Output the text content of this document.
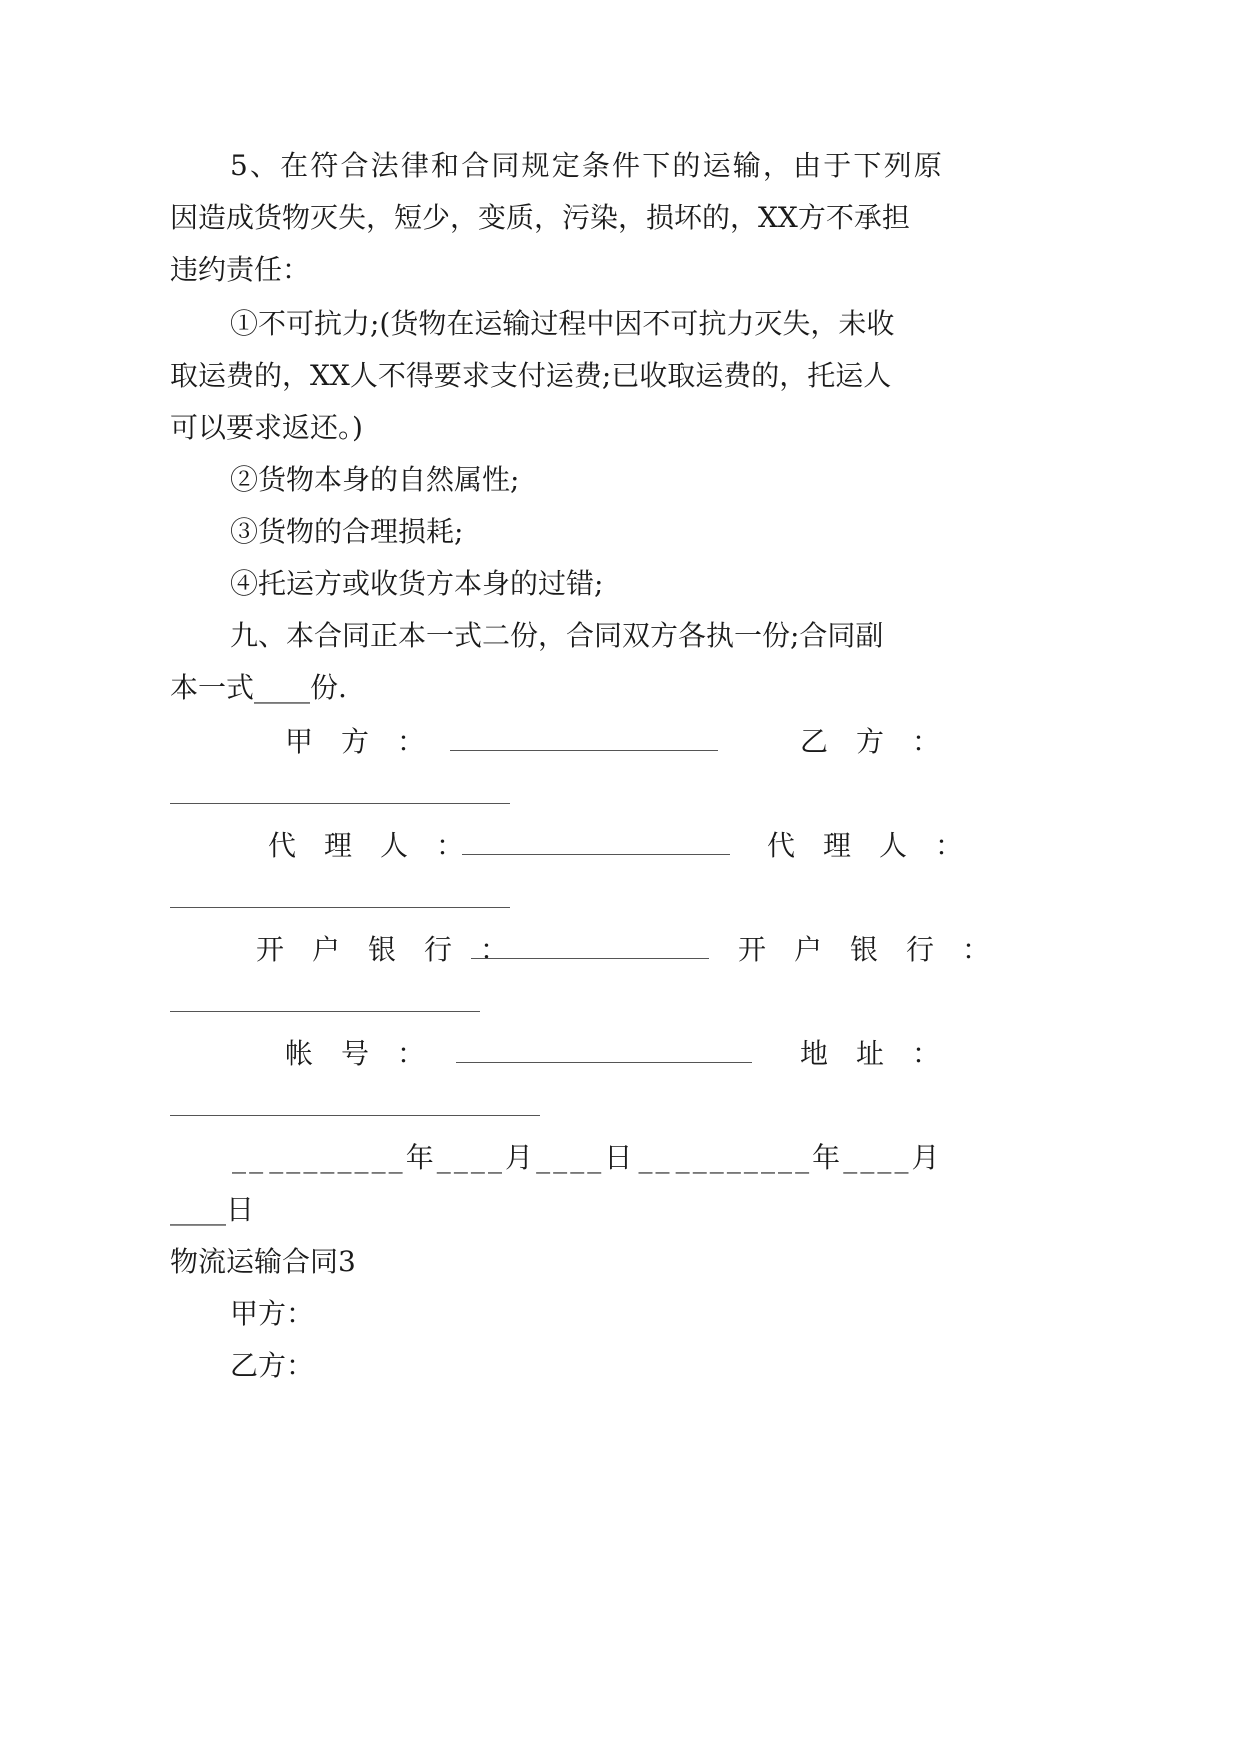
5 、 在 符 合 法 律 和 合 同 规 定 条 件 下 的 运 输 ， 由 于 下 列 原
因造成货物灭失，短少，变质，污染，损坏的，XX方不承担
违约责任：
①不可抗力;(货物在运输过程中因不可抗力灭失，未收
取运费的，XX人不得要求支付运费;已收取运费的，托运人
可以要求返还。)
②货物本身的自然属性;
③货物的合理损耗;
④托运方或收货方本身的过错;
九、本合同正本一式二份，合同双方各执一份;合同副
本一式____份.
甲　方　：	乙　方　：
代　理　人　：	代　理　人　：
开　户　银　行　：	开　户　银　行　：
帐　号　：	地　址　：
_ _ _ _ _ _ _ _ _ _ 年 _ _ _ _ 月 _ _ _ _ 日 _ _ _ _ _ _ _ _ _ _ 年 _ _ _ _ 月
____日
物流运输合同3
甲方：
乙方：
